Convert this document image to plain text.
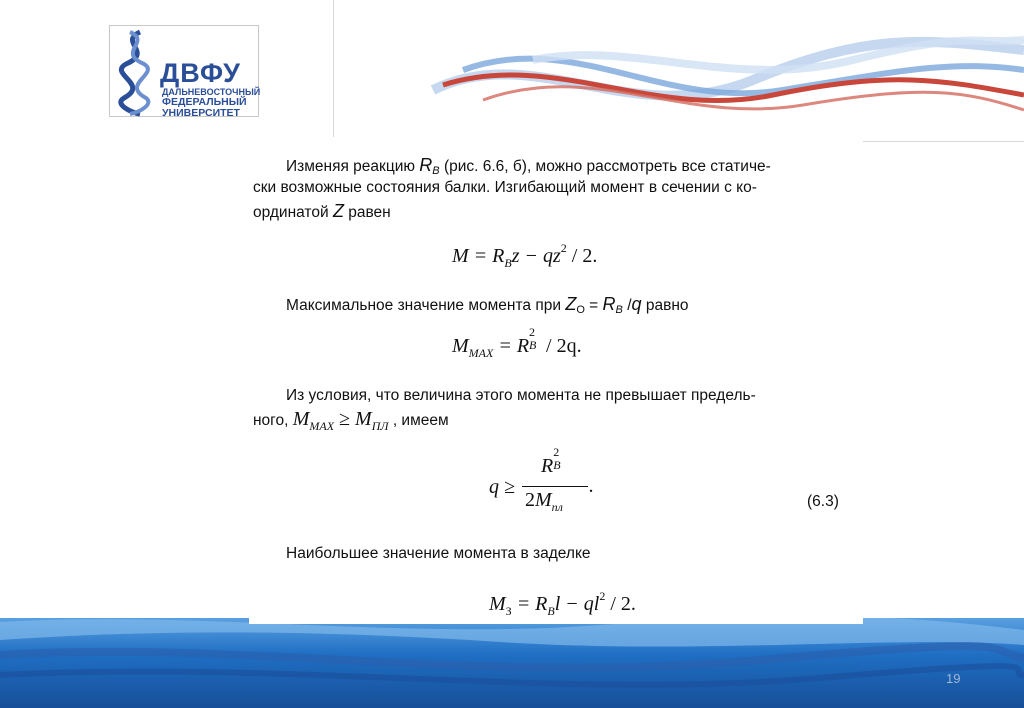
ДВФУ
ДАЛЬНЕВОСТОЧНЫЙ
ФЕДЕРАЛЬНЫЙ
УНИВЕРСИТЕТ
Изменяя реакцию RB (рис. 6.6, б), можно рассмотреть все статиче-
ски возможные состояния балки. Изгибающий момент в сечении с ко-
ординатой Z равен
$M = R_Bz - qz^2 / 2$.
Максимальное значение момента при ZO = RB /q равно
$M_{MAX} = R$
2
B / 2q.
Из условия, что величина этого момента не превышает предель-
ного, $M_{MAX} \ge M_{ПЛ}$ , имеем
q ≥
R
2
B

$2M_{пл}$
.
(6.3)
Наибольшее значение момента в заделке
$M_З = R_Bl - ql^2 / 2$.
19
